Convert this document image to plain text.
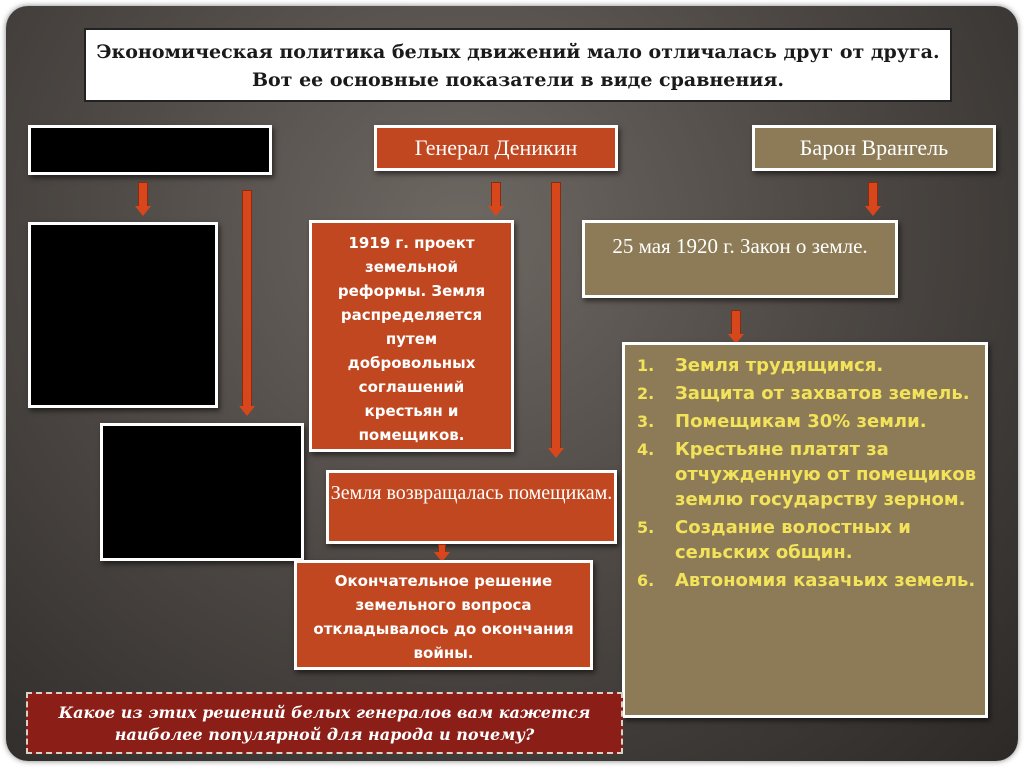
Экономическая политика белых движений мало отличалась друг от друга. Вот ее основные показатели в виде сравнения.
Генерал Деникин
1919 г. проект земельной реформы. Земля распределяется путем добровольных соглашений крестьян и помещиков.
Земля возвращалась помещикам.
Окончательное решение земельного вопроса откладывалось до окончания войны.
Барон Врангель
25 мая 1920 г. Закон о земле.
1. Земля трудящимся.
2. Защита от захватов земель.
3. Помещикам 30% земли.
4. Крестьяне платят за отчужденную от помещиков землю государству зерном.
5. Создание волостных и сельских общин.
6. Автономия казачьих земель.
Какое из этих решений белых генералов вам кажется наиболее популярной для народа и почему?
